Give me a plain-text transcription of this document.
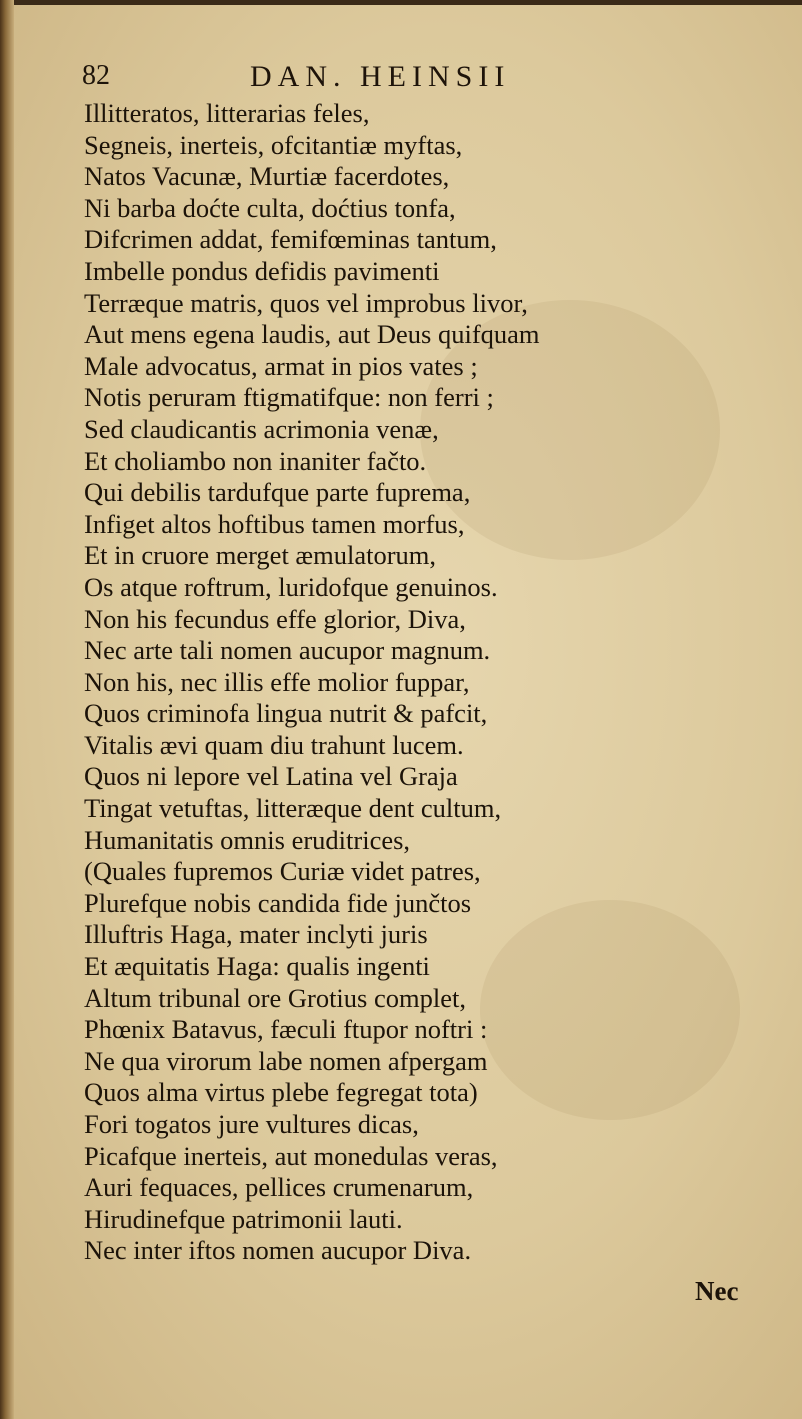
82	DAN. HEINSII
Illitteratos, litterarias feles,
Segneis, inerteis, ofcitantiæ myftas,
Natos Vacunæ, Murtiæ facerdotes,
Ni barba doćte culta, doćtius tonfa,
Difcrimen addat, femifœminas tantum,
Imbelle pondus defidis pavimenti
Terræque matris, quos vel improbus livor,
Aut mens egena laudis, aut Deus quifquam
Male advocatus, armat in pios vates ;
Notis peruram ftigmatifque: non ferri ;
Sed claudicantis acrimonia venæ,
Et choliambo non inaniter fačto.
Qui debilis tardufque parte fuprema,
Infiget altos hoftibus tamen morfus,
Et in cruore merget æmulatorum,
Os atque roftrum, luridofque genuinos.
Non his fecundus effe glorior, Diva,
Nec arte tali nomen aucupor magnum.
Non his, nec illis effe molior fuppar,
Quos criminofa lingua nutrit & pafcit,
Vitalis ævi quam diu trahunt lucem.
Quos ni lepore vel Latina vel Graja
Tingat vetuftas, litteræque dent cultum,
Humanitatis omnis eruditrices,
(Quales fupremos Curiæ videt patres,
Plurefque nobis candida fide junčtos
Illuftris Haga, mater inclyti juris
Et æquitatis Haga: qualis ingenti
Altum tribunal ore Grotius complet,
Phœnix Batavus, fæculi ftupor noftri :
Ne qua virorum labe nomen afpergam
Quos alma virtus plebe fegregat tota)
Fori togatos jure vultures dicas,
Picafque inerteis, aut monedulas veras,
Auri fequaces, pellices crumenarum,
Hirudinefque patrimonii lauti.
Nec inter iftos nomen aucupor Diva.
Nec
